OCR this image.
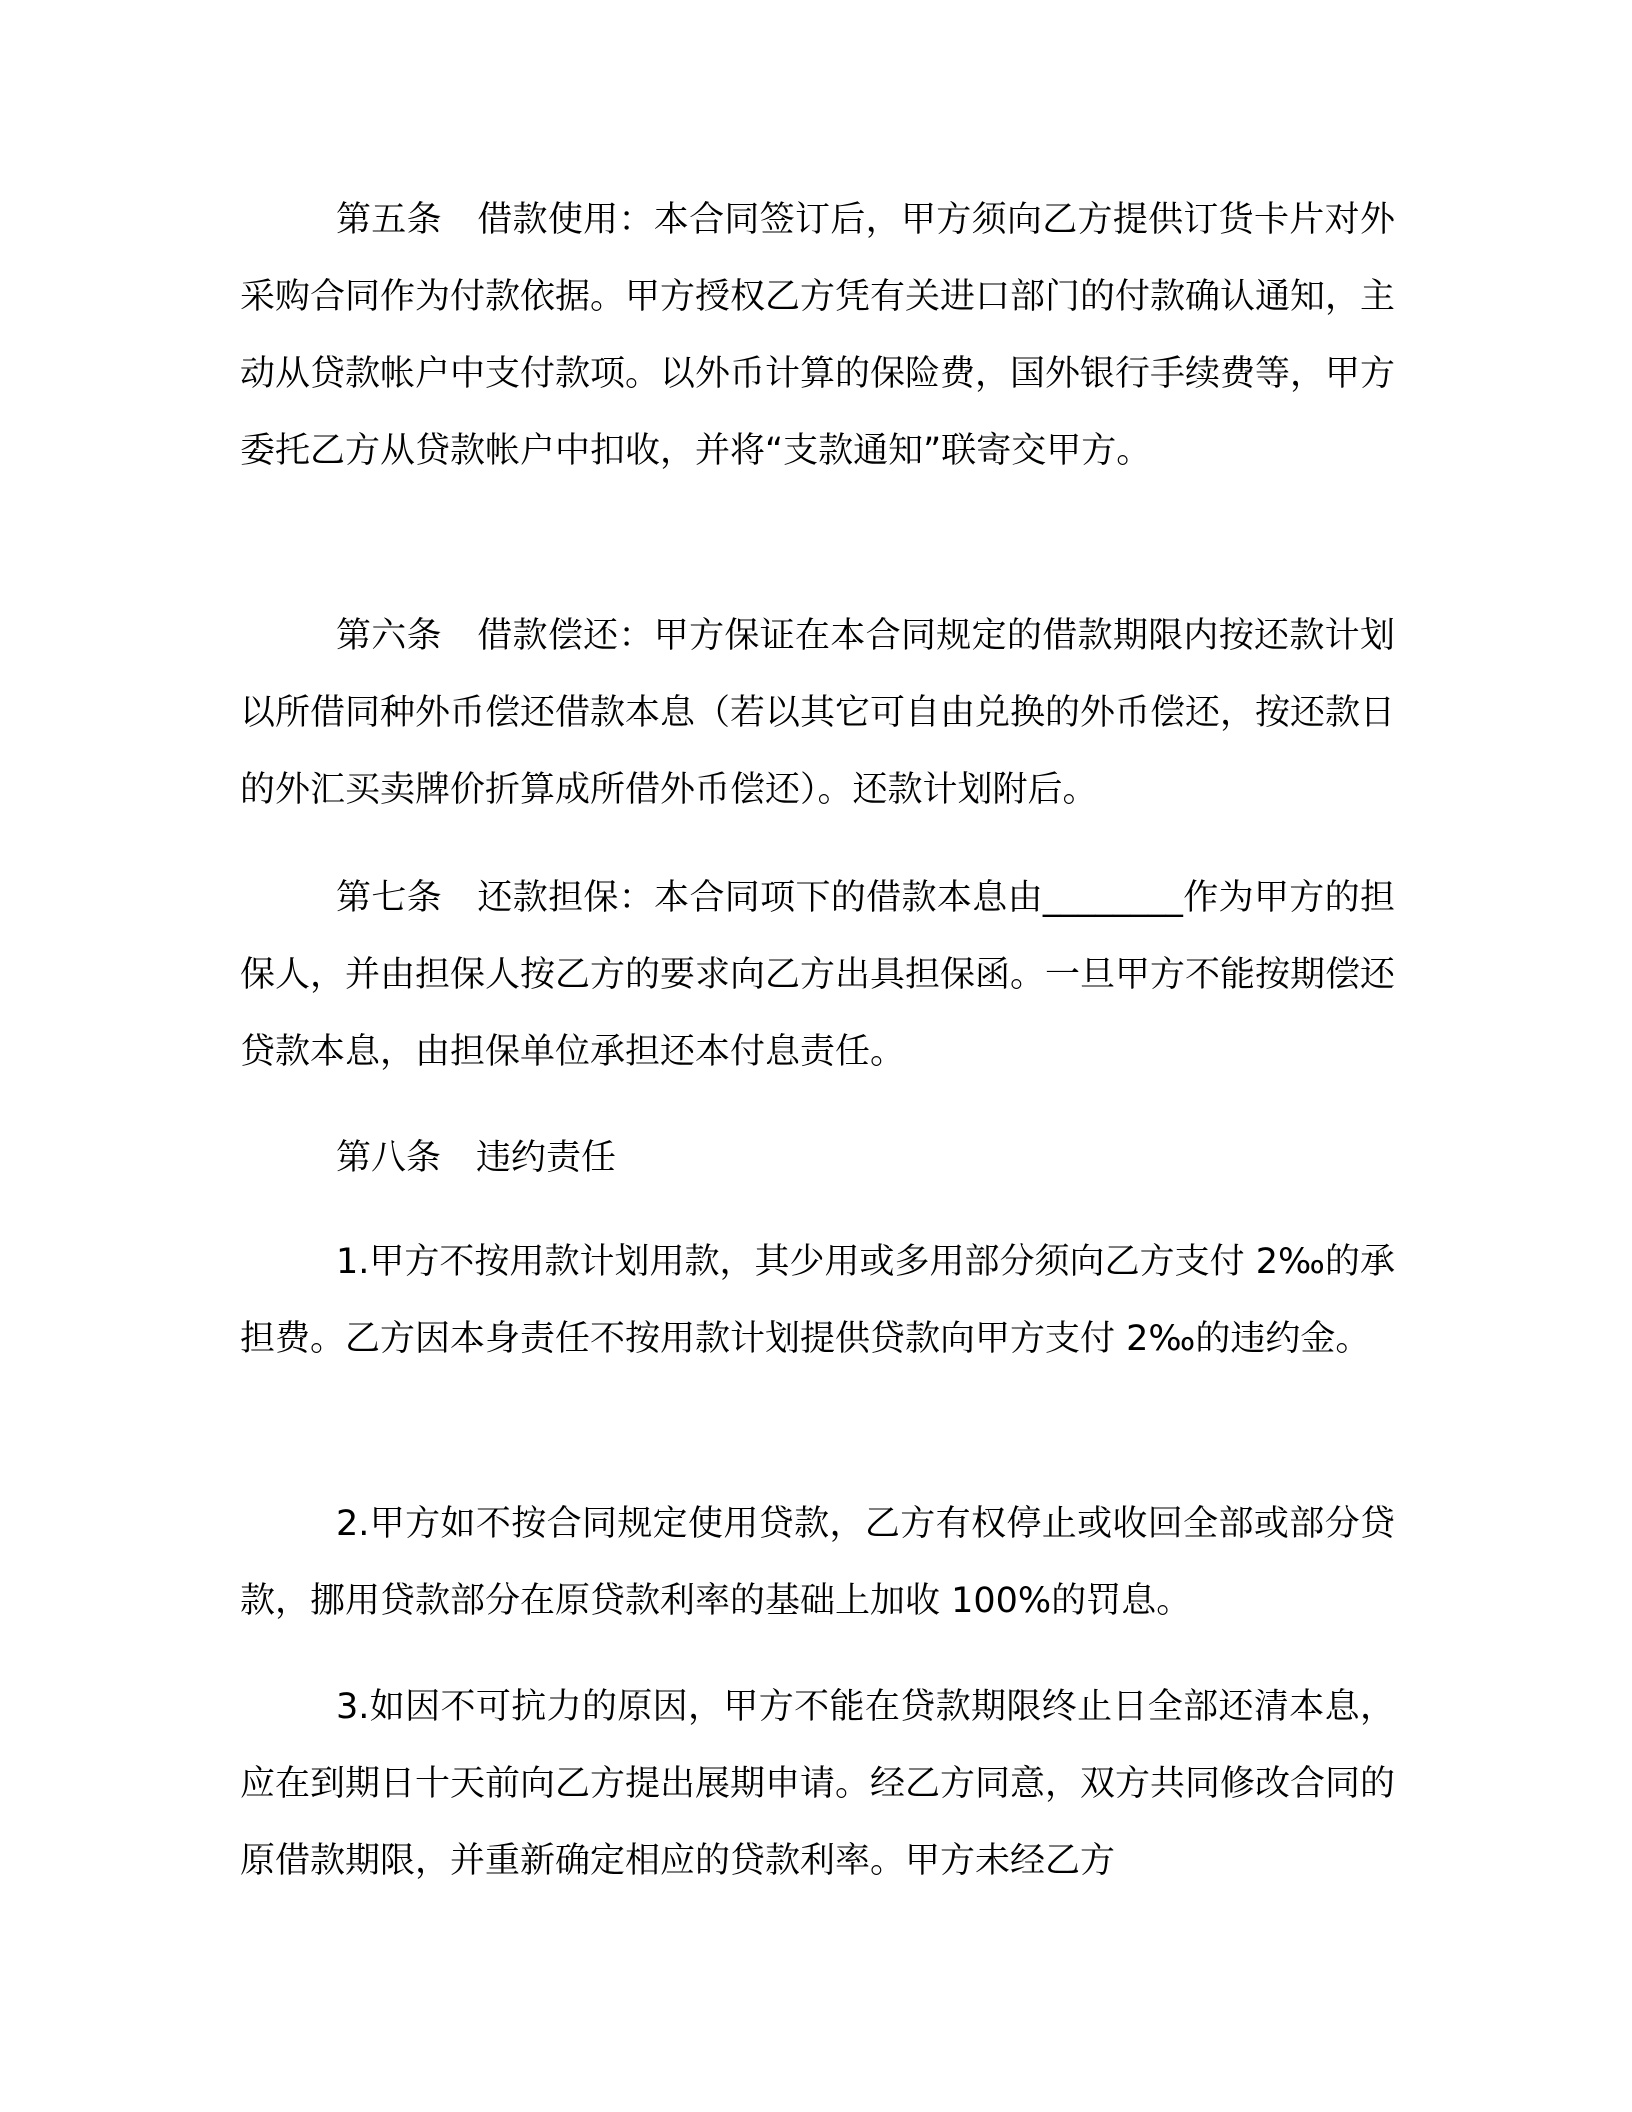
第五条　借款使用：本合同签订后，甲方须向乙方提供订货卡片对外采购合同作为付款依据。甲方授权乙方凭有关进口部门的付款确认通知，主动从贷款帐户中支付款项。以外币计算的保险费，国外银行手续费等，甲方委托乙方从贷款帐户中扣收，并将“支款通知”联寄交甲方。

第六条　借款偿还：甲方保证在本合同规定的借款期限内按还款计划以所借同种外币偿还借款本息（若以其它可自由兑换的外币偿还，按还款日的外汇买卖牌价折算成所借外币偿还）。还款计划附后。

第七条　还款担保：本合同项下的借款本息由________作为甲方的担保人，并由担保人按乙方的要求向乙方出具担保函。一旦甲方不能按期偿还贷款本息，由担保单位承担还本付息责任。

第八条　违约责任

1.甲方不按用款计划用款，其少用或多用部分须向乙方支付 2‰的承担费。乙方因本身责任不按用款计划提供贷款向甲方支付 2‰的违约金。

2.甲方如不按合同规定使用贷款，乙方有权停止或收回全部或部分贷款，挪用贷款部分在原贷款利率的基础上加收 100%的罚息。

3.如因不可抗力的原因，甲方不能在贷款期限终止日全部还清本息，应在到期日十天前向乙方提出展期申请。经乙方同意，双方共同修改合同的原借款期限，并重新确定相应的贷款利率。甲方未经乙方
